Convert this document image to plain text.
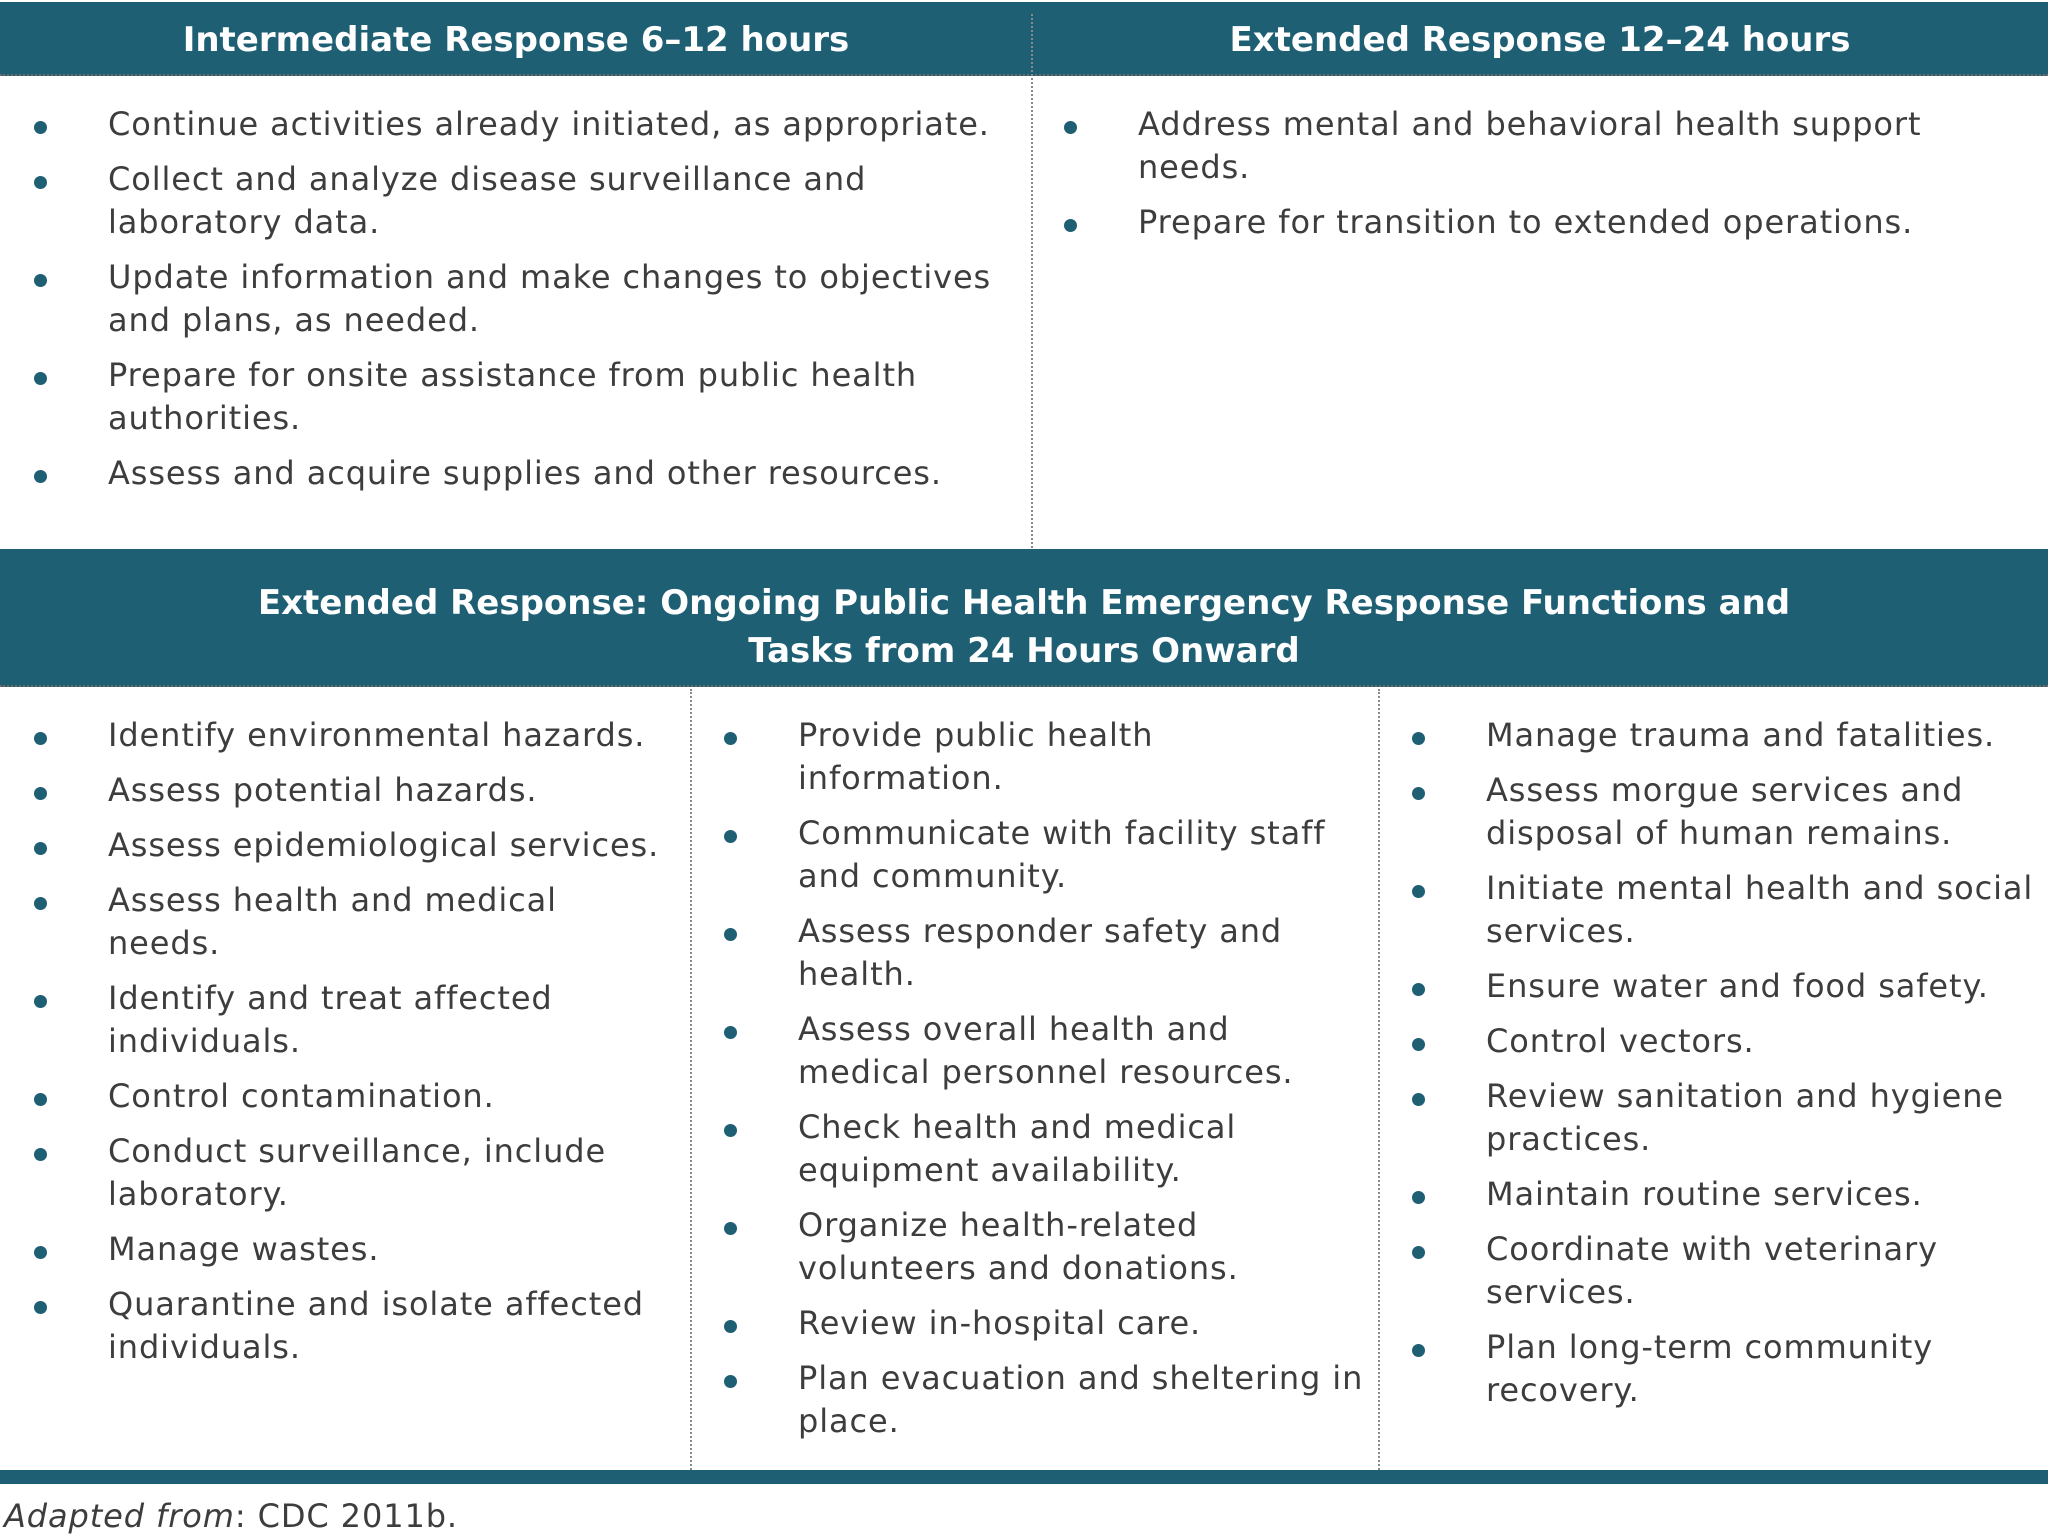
Intermediate Response 6–12 hours	Extended Response 12–24 hours
Continue activities already initiated, as appropriate.
Collect and analyze disease surveillance and laboratory data.
Update information and make changes to objectives and plans, as needed.
Prepare for onsite assistance from public health authorities.
Assess and acquire supplies and other resources.
Address mental and behavioral health support needs.
Prepare for transition to extended operations.
Extended Response: Ongoing Public Health Emergency Response Functions and
Tasks from 24 Hours Onward
Identify environmental hazards.
Assess potential hazards.
Assess epidemiological services.
Assess health and medical needs.
Identify and treat affected individuals.
Control contamination.
Conduct surveillance, include laboratory.
Manage wastes.
Quarantine and isolate affected individuals.
Provide public health information.
Communicate with facility staff and community.
Assess responder safety and health.
Assess overall health and medical personnel resources.
Check health and medical equipment availability.
Organize health-related volunteers and donations.
Review in-hospital care.
Plan evacuation and sheltering in place.
Manage trauma and fatalities.
Assess morgue services and disposal of human remains.
Initiate mental health and social services.
Ensure water and food safety.
Control vectors.
Review sanitation and hygiene practices.
Maintain routine services.
Coordinate with veterinary services.
Plan long-term community recovery.
Adapted from: CDC 2011b.
